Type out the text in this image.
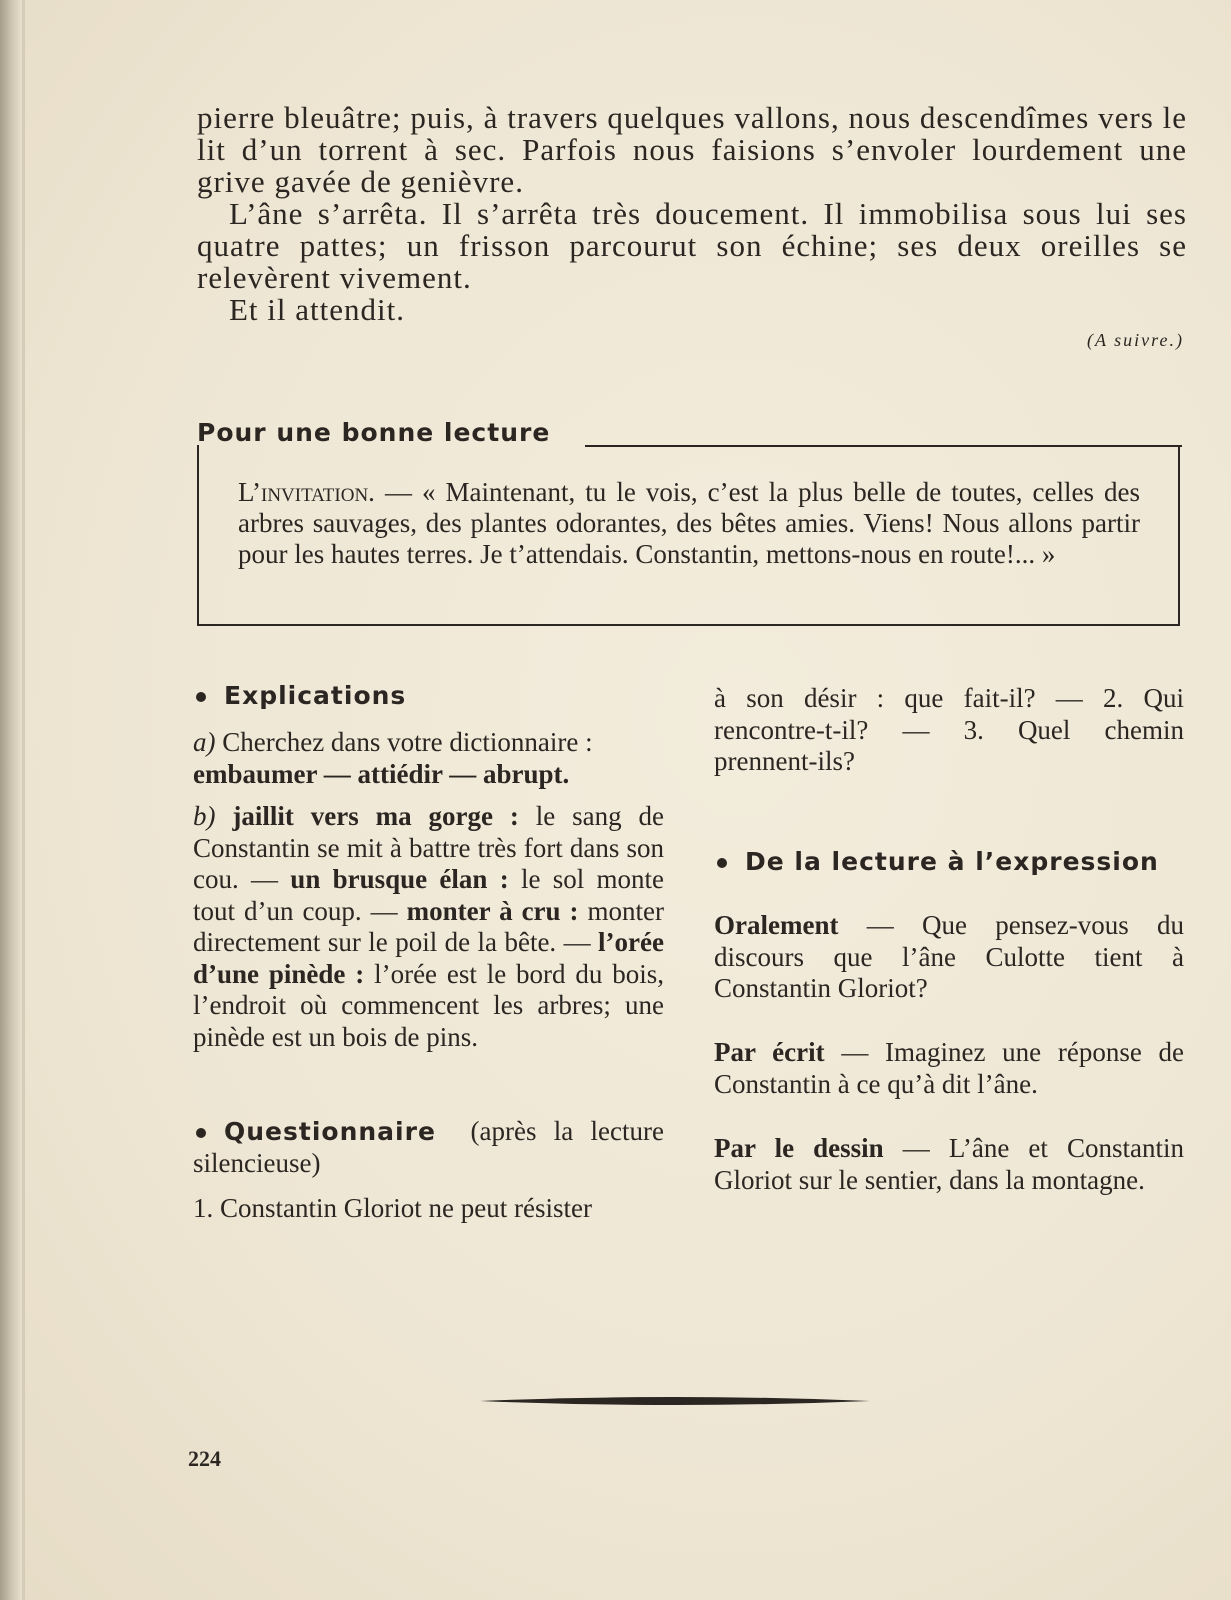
pierre bleuâtre; puis, à travers quelques vallons, nous descendîmes vers le lit d’un torrent à sec. Parfois nous faisions s’envoler lourdement une grive gavée de genièvre.

L’âne s’arrêta. Il s’arrêta très doucement. Il immobilisa sous lui ses quatre pattes; un frisson parcourut son échine; ses deux oreilles se relevèrent vivement.

Et il attendit.

(A suivre.)
Pour une bonne lecture
L’invitation. — « Maintenant, tu le vois, c’est la plus belle de toutes, celles des arbres sauvages, des plantes odorantes, des bêtes amies. Viens! Nous allons partir pour les hautes terres. Je t’attendais. Constantin, mettons-nous en route!... »
Explications

a) Cherchez dans votre dictionnaire :
embaumer — attiédir — abrupt.

b) jaillit vers ma gorge : le sang de Constantin se mit à battre très fort dans son cou. — un brusque élan : le sol monte tout d’un coup. — monter à cru : monter directement sur le poil de la bête. — l’orée d’une pinède : l’orée est le bord du bois, l’endroit où commencent les arbres; une pinède est un bois de pins.

Questionnaire (après la lecture silencieuse)

1. Constantin Gloriot ne peut résister

à son désir : que fait-il? — 2. Qui rencontre-t-il? — 3. Quel chemin prennent-ils?

De la lecture à l’expression

Oralement — Que pensez-vous du discours que l’âne Culotte tient à Constantin Gloriot?

Par écrit — Imaginez une réponse de Constantin à ce qu’à dit l’âne.

Par le dessin — L’âne et Constantin Gloriot sur le sentier, dans la montagne.

224
